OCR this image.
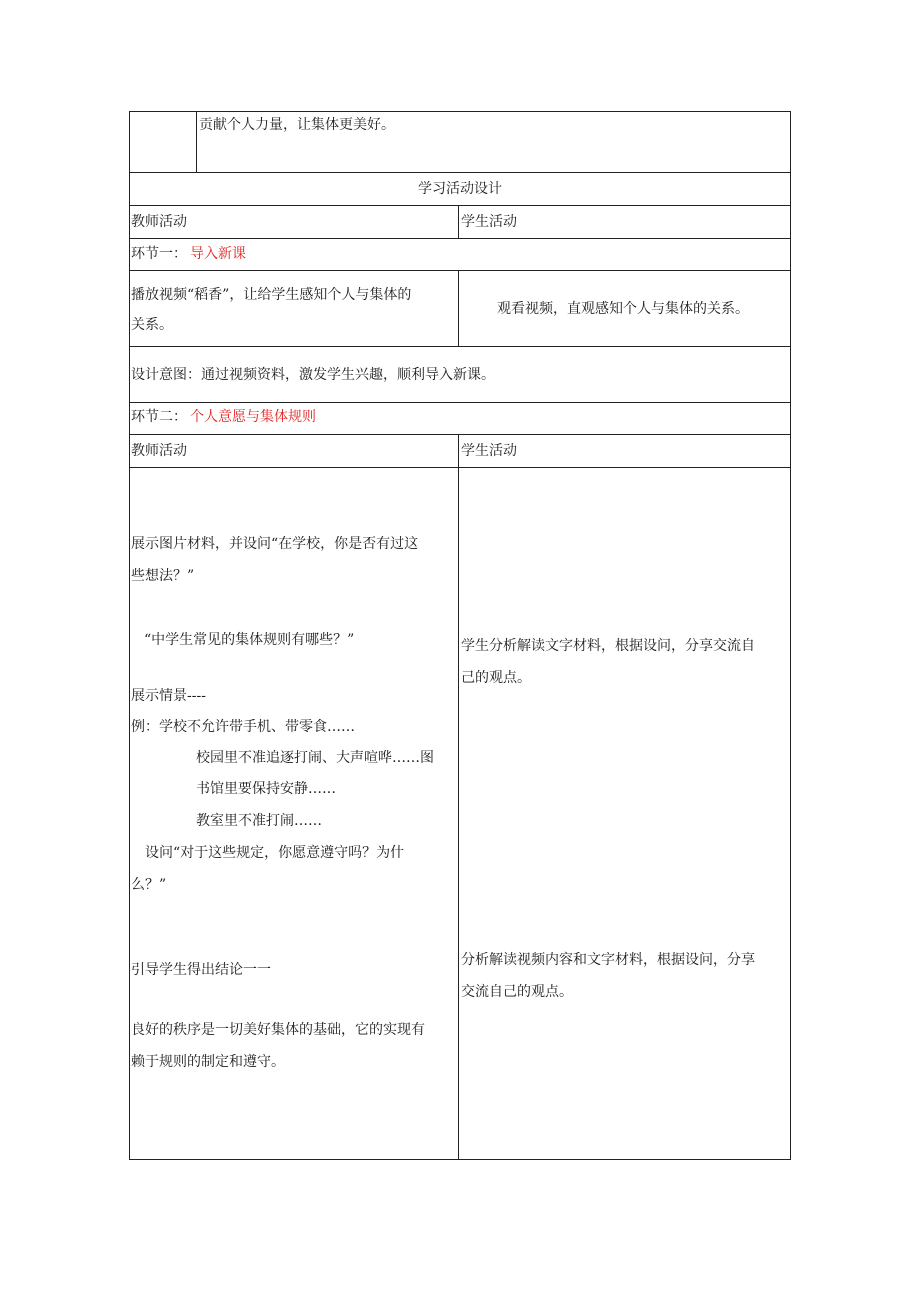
贡献个人力量，让集体更美好。
学习活动设计
教师活动	学生活动
环节一： 导入新课
播放视频“稻香”，让给学生感知个人与集体的
关系。
观看视频，直观感知个人与集体的关系。
设计意图：通过视频资料，激发学生兴趣，顺利导入新课。
环节二： 个人意愿与集体规则
教师活动	学生活动
展示图片材料，并设问“在学校，你是否有过这
些想法？”
“中学生常见的集体规则有哪些？”
展示情景----
例：学校不允许带手机、带零食……
校园里不准追逐打闹、大声喧哗……图
书馆里要保持安静……
教室里不准打闹……
设问“对于这些规定，你愿意遵守吗？为什
么？”
引导学生得出结论一一
良好的秩序是一切美好集体的基础，它的实现有
赖于规则的制定和遵守。
学生分析解读文字材料，根据设问，分享交流自
己的观点。
分析解读视频内容和文字材料，根据设问，分享
交流自己的观点。
